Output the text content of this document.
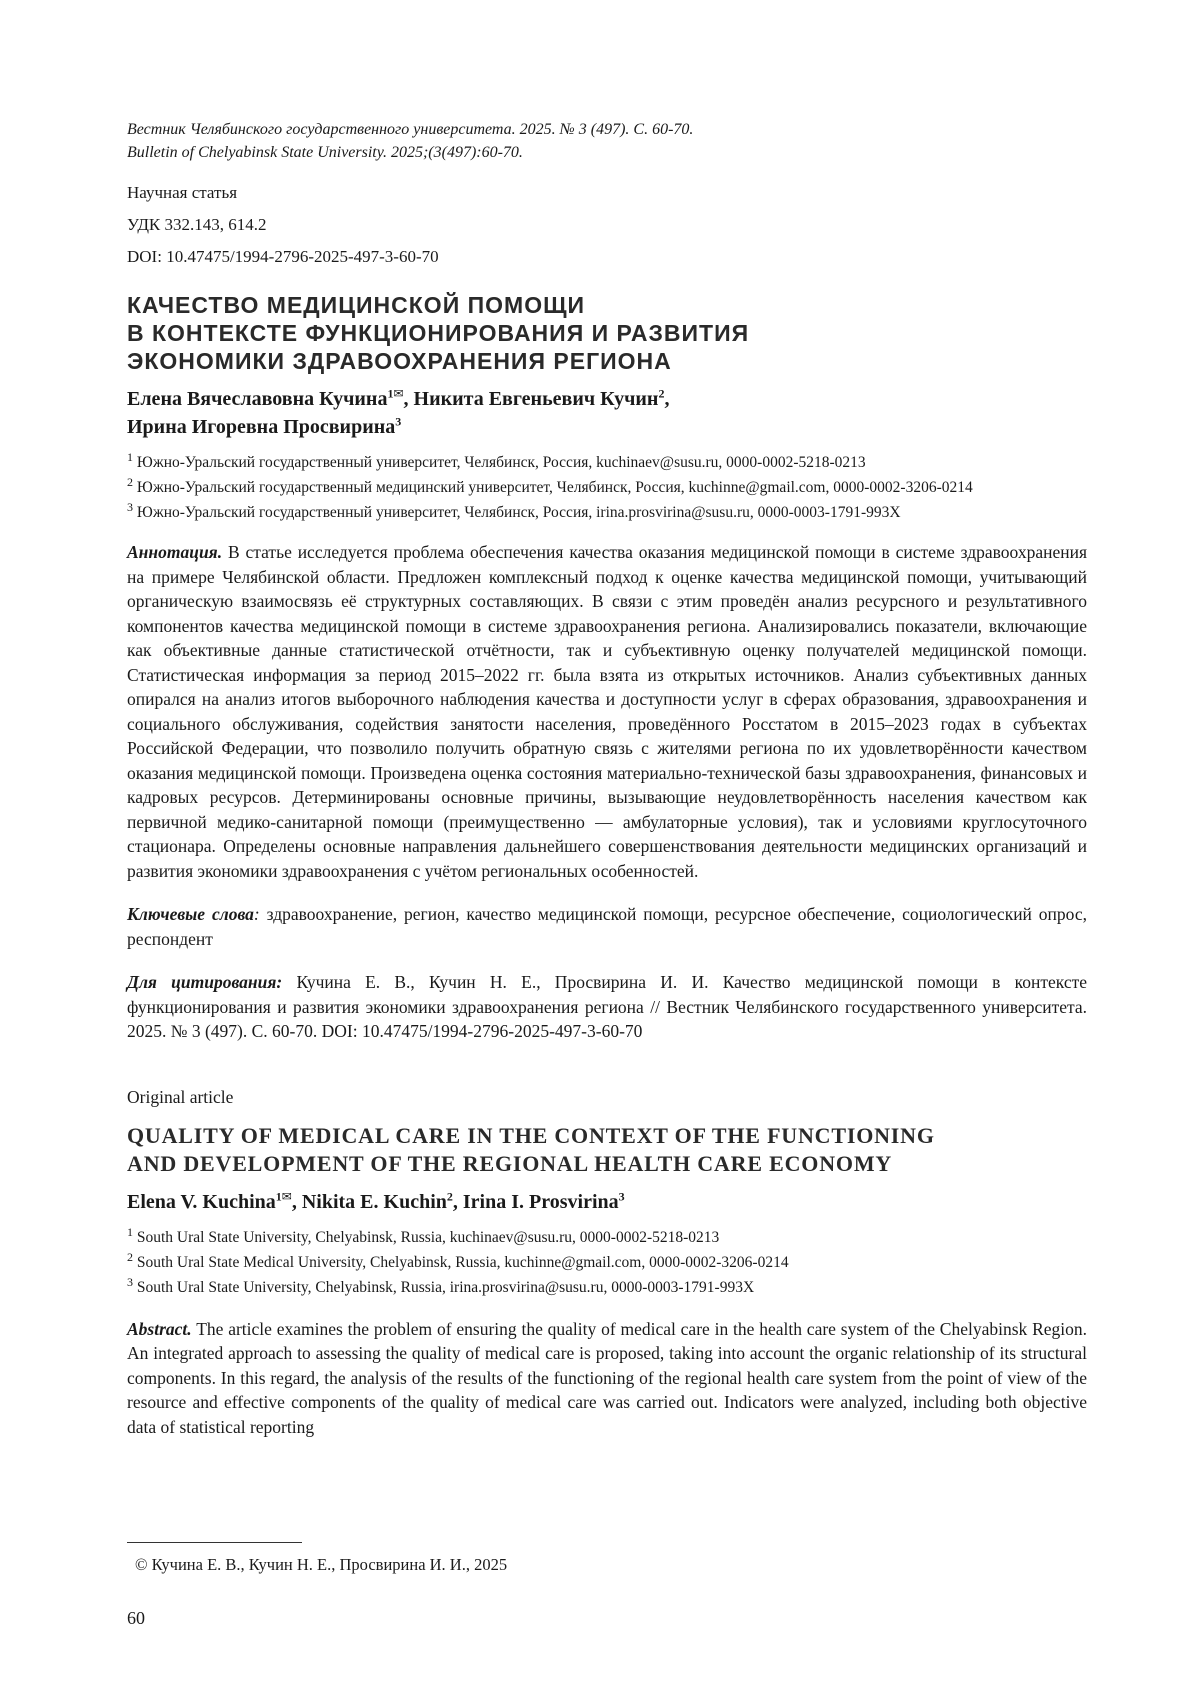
Вестник Челябинского государственного университета. 2025. № 3 (497). С. 60-70.
Bulletin of Chelyabinsk State University. 2025;(3(497):60-70.
Научная статья
УДК 332.143, 614.2
DOI: 10.47475/1994-2796-2025-497-3-60-70
КАЧЕСТВО МЕДИЦИНСКОЙ ПОМОЩИ
В КОНТЕКСТЕ ФУНКЦИОНИРОВАНИЯ И РАЗВИТИЯ
ЭКОНОМИКИ ЗДРАВООХРАНЕНИЯ РЕГИОНА
Елена Вячеславовна Кучина$^{1✉}$, Никита Евгеньевич Кучин$^2$,
Ирина Игоревна Просвирина$^3$
$^1$ Южно-Уральский государственный университет, Челябинск, Россия, kuchinaev@susu.ru, 0000-0002-5218-0213
$^2$ Южно-Уральский государственный медицинский университет, Челябинск, Россия, kuchinne@gmail.com, 0000-0002-3206-0214
$^3$ Южно-Уральский государственный университет, Челябинск, Россия, irina.prosvirina@susu.ru, 0000-0003-1791-993X
Аннотация. В статье исследуется проблема обеспечения качества оказания медицинской помощи в системе здравоохранения на примере Челябинской области. Предложен комплексный подход к оценке качества медицинской помощи, учитывающий органическую взаимосвязь её структурных составляющих. В связи с этим проведён анализ ресурсного и результативного компонентов качества медицинской помощи в системе здравоохранения региона. Анализировались показатели, включающие как объективные данные статистической отчётности, так и субъективную оценку получателей медицинской помощи. Статистическая информация за период 2015–2022 гг. была взята из открытых источников. Анализ субъективных данных опирался на анализ итогов выборочного наблюдения качества и доступности услуг в сферах образования, здравоохранения и социального обслуживания, содействия занятости населения, проведённого Росстатом в 2015–2023 годах в субъектах Российской Федерации, что позволило получить обратную связь с жителями региона по их удовлетворённости качеством оказания медицинской помощи. Произведена оценка состояния материально-технической базы здравоохранения, финансовых и кадровых ресурсов. Детерминированы основные причины, вызывающие неудовлетворённость населения качеством как первичной медико-санитарной помощи (преимущественно — амбулаторные условия), так и условиями круглосуточного стационара. Определены основные направления дальнейшего совершенствования деятельности медицинских организаций и развития экономики здравоохранения с учётом региональных особенностей.
Ключевые слова: здравоохранение, регион, качество медицинской помощи, ресурсное обеспечение, социологический опрос, респондент
Для цитирования: Кучина Е. В., Кучин Н. Е., Просвирина И. И. Качество медицинской помощи в контексте функционирования и развития экономики здравоохранения региона // Вестник Челябинского государственного университета. 2025. № 3 (497). С. 60-70. DOI: 10.47475/1994-2796-2025-497-3-60-70
Original article
QUALITY OF MEDICAL CARE IN THE CONTEXT OF THE FUNCTIONING
AND DEVELOPMENT OF THE REGIONAL HEALTH CARE ECONOMY
Elena V. Kuchina$^{1✉}$, Nikita E. Kuchin$^2$, Irina I. Prosvirina$^3$
$^1$ South Ural State University, Chelyabinsk, Russia, kuchinaev@susu.ru, 0000-0002-5218-0213
$^2$ South Ural State Medical University, Chelyabinsk, Russia, kuchinne@gmail.com, 0000-0002-3206-0214
$^3$ South Ural State University, Chelyabinsk, Russia, irina.prosvirina@susu.ru, 0000-0003-1791-993X
Abstract. The article examines the problem of ensuring the quality of medical care in the health care system of the Chelyabinsk Region. An integrated approach to assessing the quality of medical care is proposed, taking into account the organic relationship of its structural components. In this regard, the analysis of the results of the functioning of the regional health care system from the point of view of the resource and effective components of the quality of medical care was carried out. Indicators were analyzed, including both objective data of statistical reporting
© Кучина Е. В., Кучин Н. Е., Просвирина И. И., 2025
60
